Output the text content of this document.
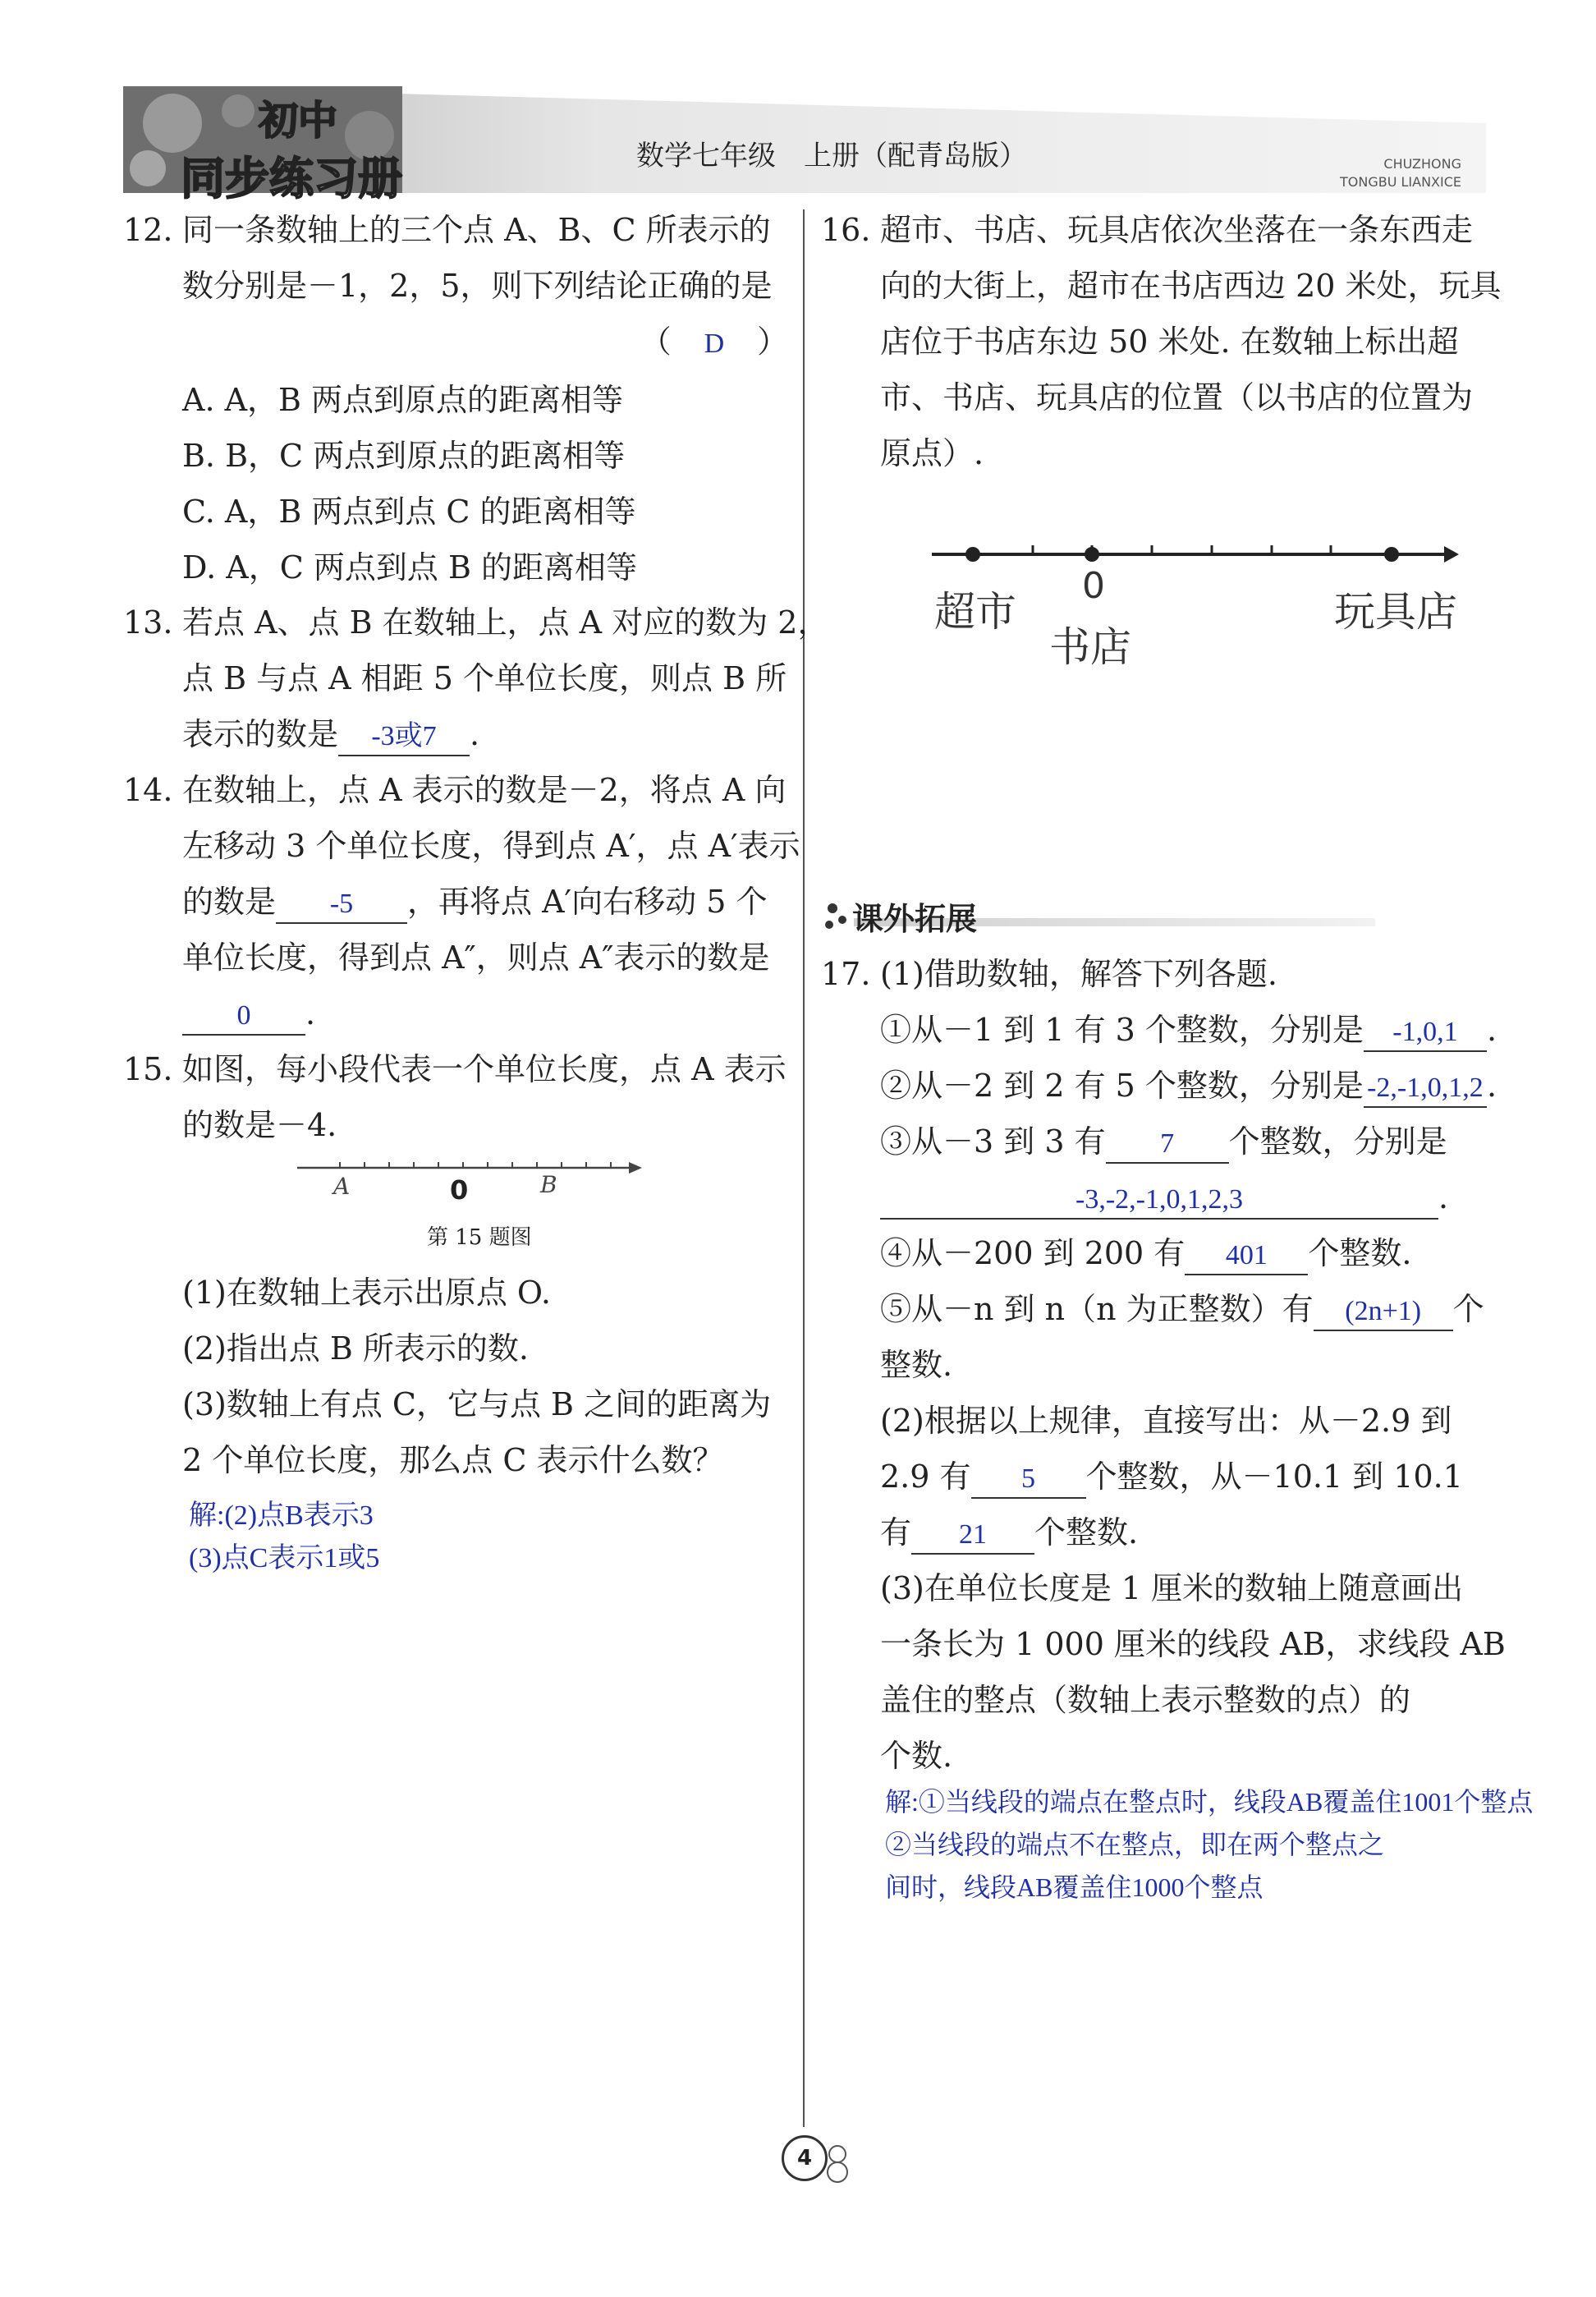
初中
同步练习册	数学七年级　上册（配青岛版）	CHUZHONG
TONGBU LIANXICE
12. 同一条数轴上的三个点 A、B、C 所表示的
数分别是－1，2，5，则下列结论正确的是
（ D ）
A. A，B 两点到原点的距离相等
B. B，C 两点到原点的距离相等
C. A，B 两点到点 C 的距离相等
D. A，C 两点到点 B 的距离相等
13. 若点 A、点 B 在数轴上，点 A 对应的数为 2，
点 B 与点 A 相距 5 个单位长度，则点 B 所
表示的数是 -3或7 .
14. 在数轴上，点 A 表示的数是－2，将点 A 向
左移动 3 个单位长度，得到点 A′，点 A′表示
的数是 -5 ，再将点 A′向右移动 5 个
单位长度，得到点 A″，则点 A″表示的数是
0 .
15. 如图，每小段代表一个单位长度，点 A 表示
的数是－4.
A	0	B
第 15 题图
(1)在数轴上表示出原点 O.
(2)指出点 B 所表示的数.
(3)数轴上有点 C，它与点 B 之间的距离为
2 个单位长度，那么点 C 表示什么数？
解:(2)点B表示3
(3)点C表示1或5
16. 超市、书店、玩具店依次坐落在一条东西走
向的大街上，超市在书店西边 20 米处，玩具
店位于书店东边 50 米处. 在数轴上标出超
市、书店、玩具店的位置（以书店的位置为
原点）.
超市
0
书店
玩具店
课外拓展
17. (1)借助数轴，解答下列各题.
①从－1 到 1 有 3 个整数，分别是 -1,0,1 .
②从－2 到 2 有 5 个整数，分别是 -2,-1,0,1,2 .
③从－3 到 3 有 7 个整数，分别是
-3,-2,-1,0,1,2,3	.
④从－200 到 200 有 401 个整数.
⑤从－n 到 n（n 为正整数）有 (2n+1) 个
整数.
(2)根据以上规律，直接写出：从－2.9 到
2.9 有 5 个整数，从－10.1 到 10.1
有 21 个整数.
(3)在单位长度是 1 厘米的数轴上随意画出
一条长为 1 000 厘米的线段 AB，求线段 AB
盖住的整点（数轴上表示整数的点）的
个数.
解:①当线段的端点在整点时，线段AB覆盖住1001个整点
②当线段的端点不在整点，即在两个整点之
间时，线段AB覆盖住1000个整点
4
